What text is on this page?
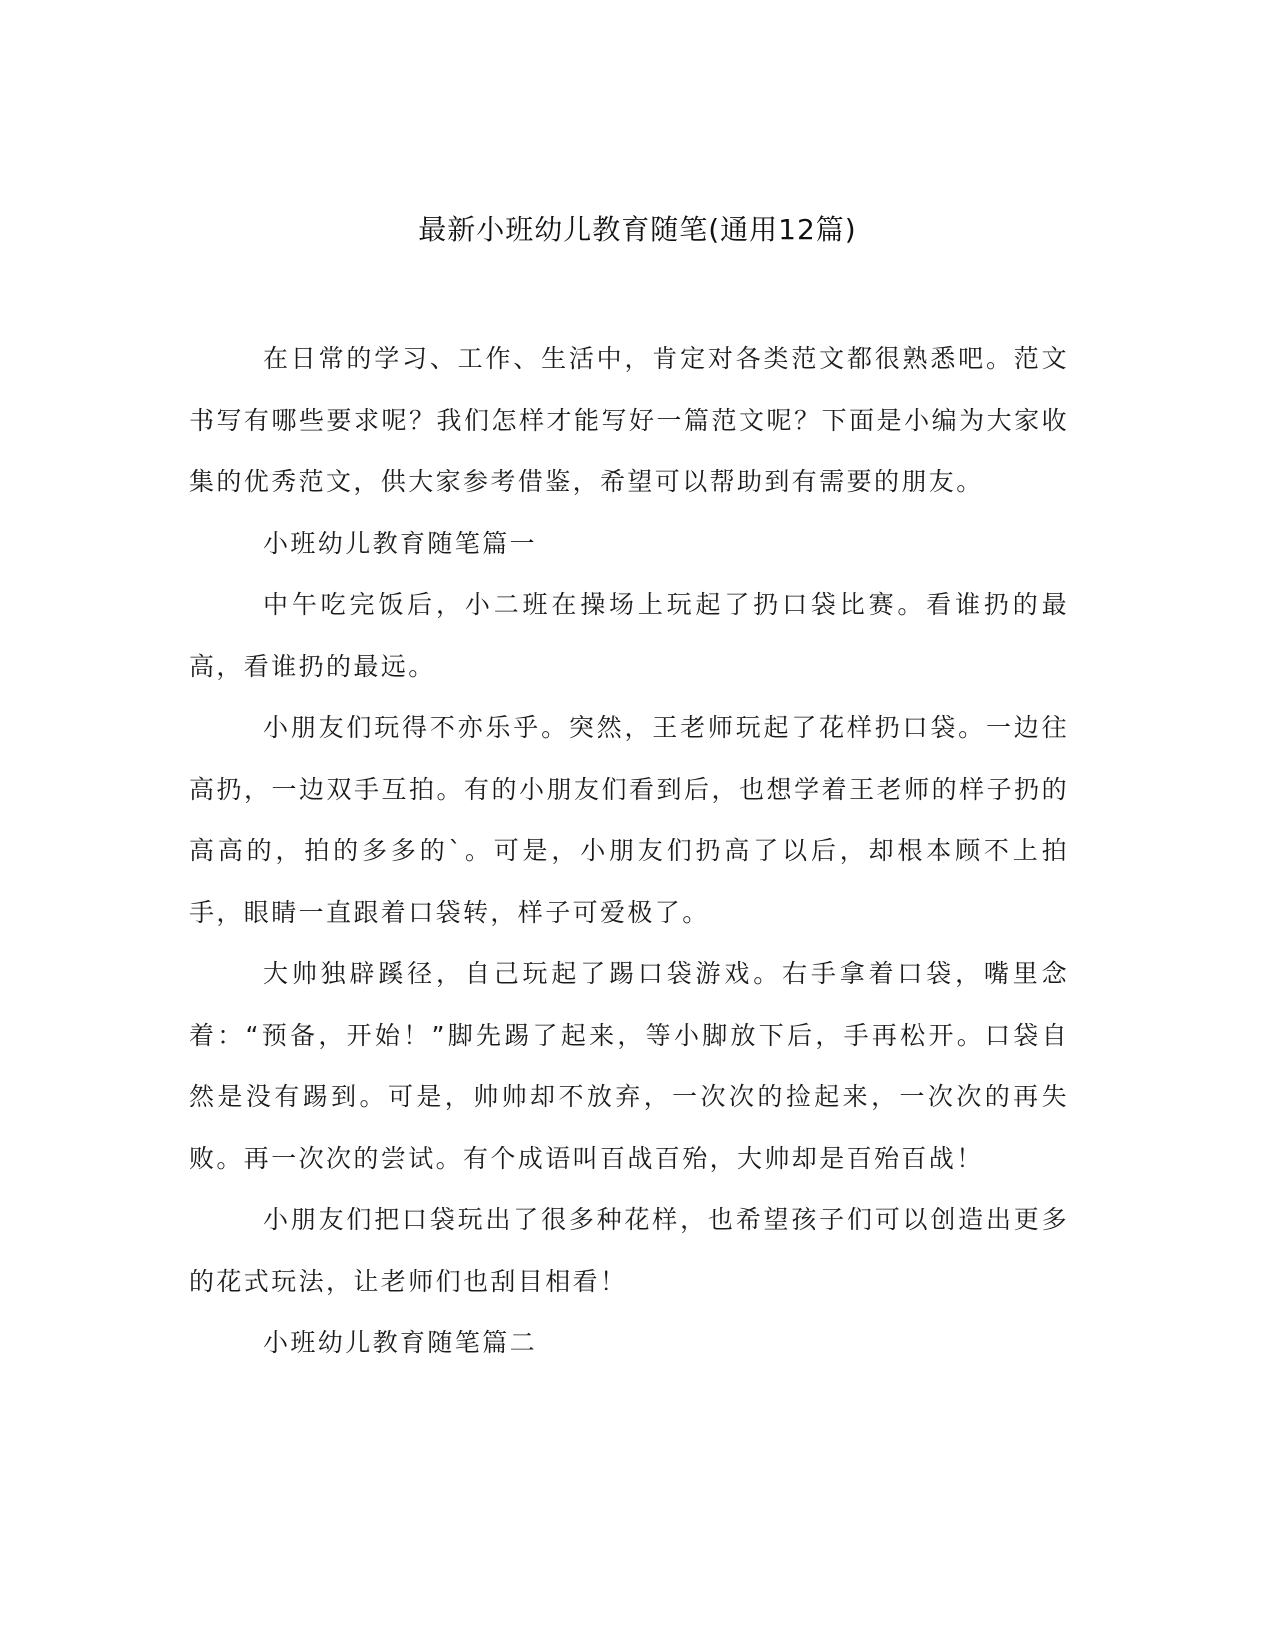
最新小班幼儿教育随笔(通用12篇)

在日常的学习、工作、生活中，肯定对各类范文都很熟悉吧。范文书写有哪些要求呢？我们怎样才能写好一篇范文呢？下面是小编为大家收集的优秀范文，供大家参考借鉴，希望可以帮助到有需要的朋友。

小班幼儿教育随笔篇一

中午吃完饭后，小二班在操场上玩起了扔口袋比赛。看谁扔的最高，看谁扔的最远。

小朋友们玩得不亦乐乎。突然，王老师玩起了花样扔口袋。一边往高扔，一边双手互拍。有的小朋友们看到后，也想学着王老师的样子扔的高高的，拍的多多的`。可是，小朋友们扔高了以后，却根本顾不上拍手，眼睛一直跟着口袋转，样子可爱极了。

大帅独辟蹊径，自己玩起了踢口袋游戏。右手拿着口袋，嘴里念着：“预备，开始！”脚先踢了起来，等小脚放下后，手再松开。口袋自然是没有踢到。可是，帅帅却不放弃，一次次的捡起来，一次次的再失败。再一次次的尝试。有个成语叫百战百殆，大帅却是百殆百战！

小朋友们把口袋玩出了很多种花样，也希望孩子们可以创造出更多的花式玩法，让老师们也刮目相看！

小班幼儿教育随笔篇二
